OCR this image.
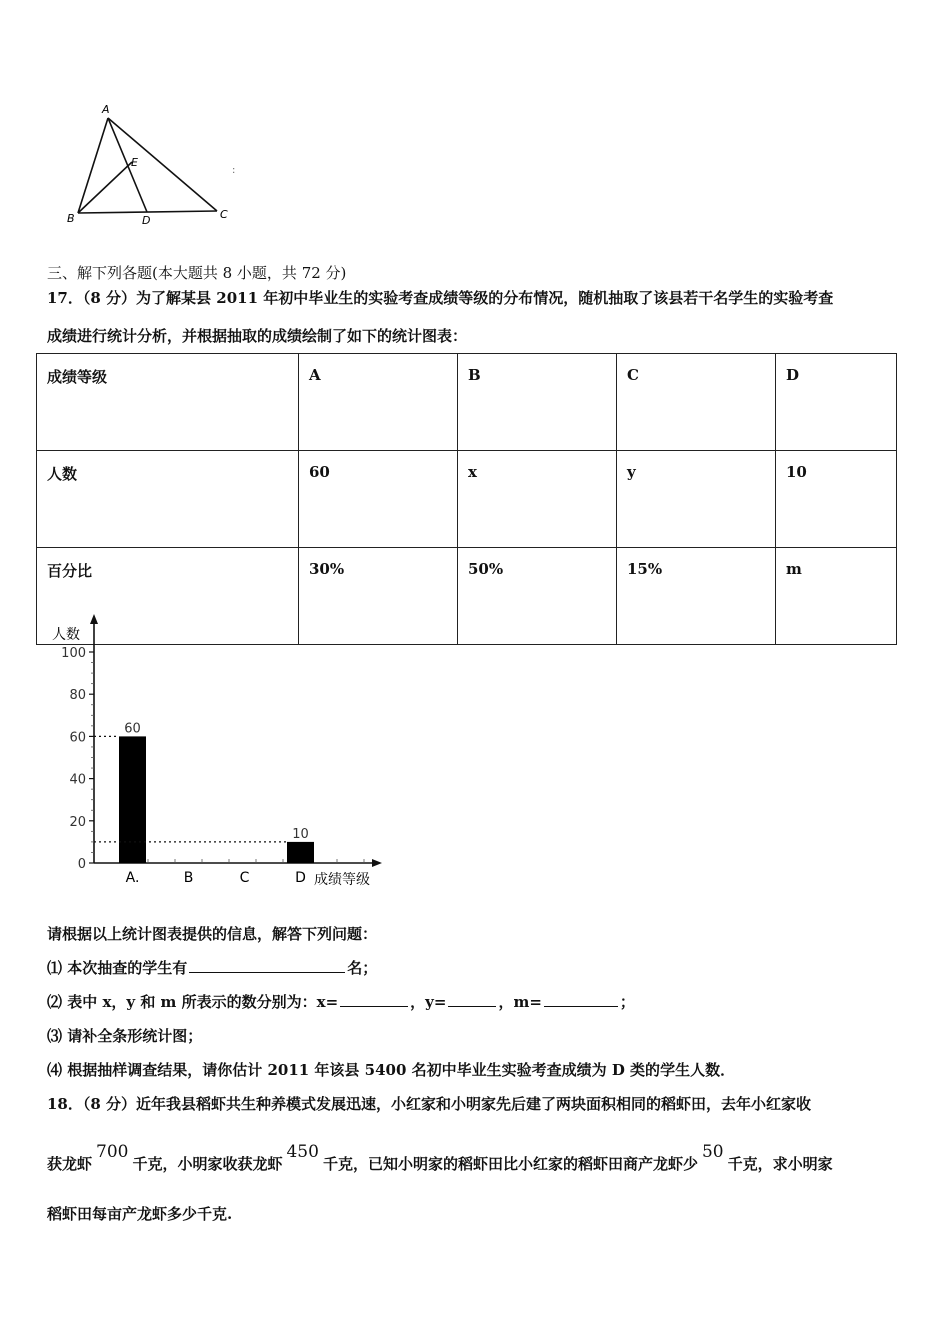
A
E
B	D	C
:
三、解下列各题(本大题共 8 小题，共 72 分)
17．（8 分）为了解某县 2011 年初中毕业生的实验考查成绩等级的分布情况，随机抽取了该县若干名学生的实验考查
成绩进行统计分析，并根据抽取的成绩绘制了如下的统计图表：
成绩等级	A	B	C	D
人数	60	x	y	10
百分比	30%	50%	15%	m
人数
成绩等级
0
20
40
60
80
100
A.
60
B	C	D
10
请根据以上统计图表提供的信息，解答下列问题：
⑴ 本次抽查的学生有	名；
⑵ 表中 x，y 和 m 所表示的数分别为：x=	，y=	，m=	；
⑶ 请补全条形统计图；
⑷ 根据抽样调查结果，请你估计 2011 年该县 5400 名初中毕业生实验考查成绩为 D 类的学生人数．
18．（8 分）近年我县稻虾共生种养模式发展迅速，小红家和小明家先后建了两块面积相同的稻虾田，去年小红家收
获龙虾700千克，小明家收获龙虾450千克，已知小明家的稻虾田比小红家的稻虾田商产龙虾少50千克，求小明家
稻虾田每亩产龙虾多少千克.
